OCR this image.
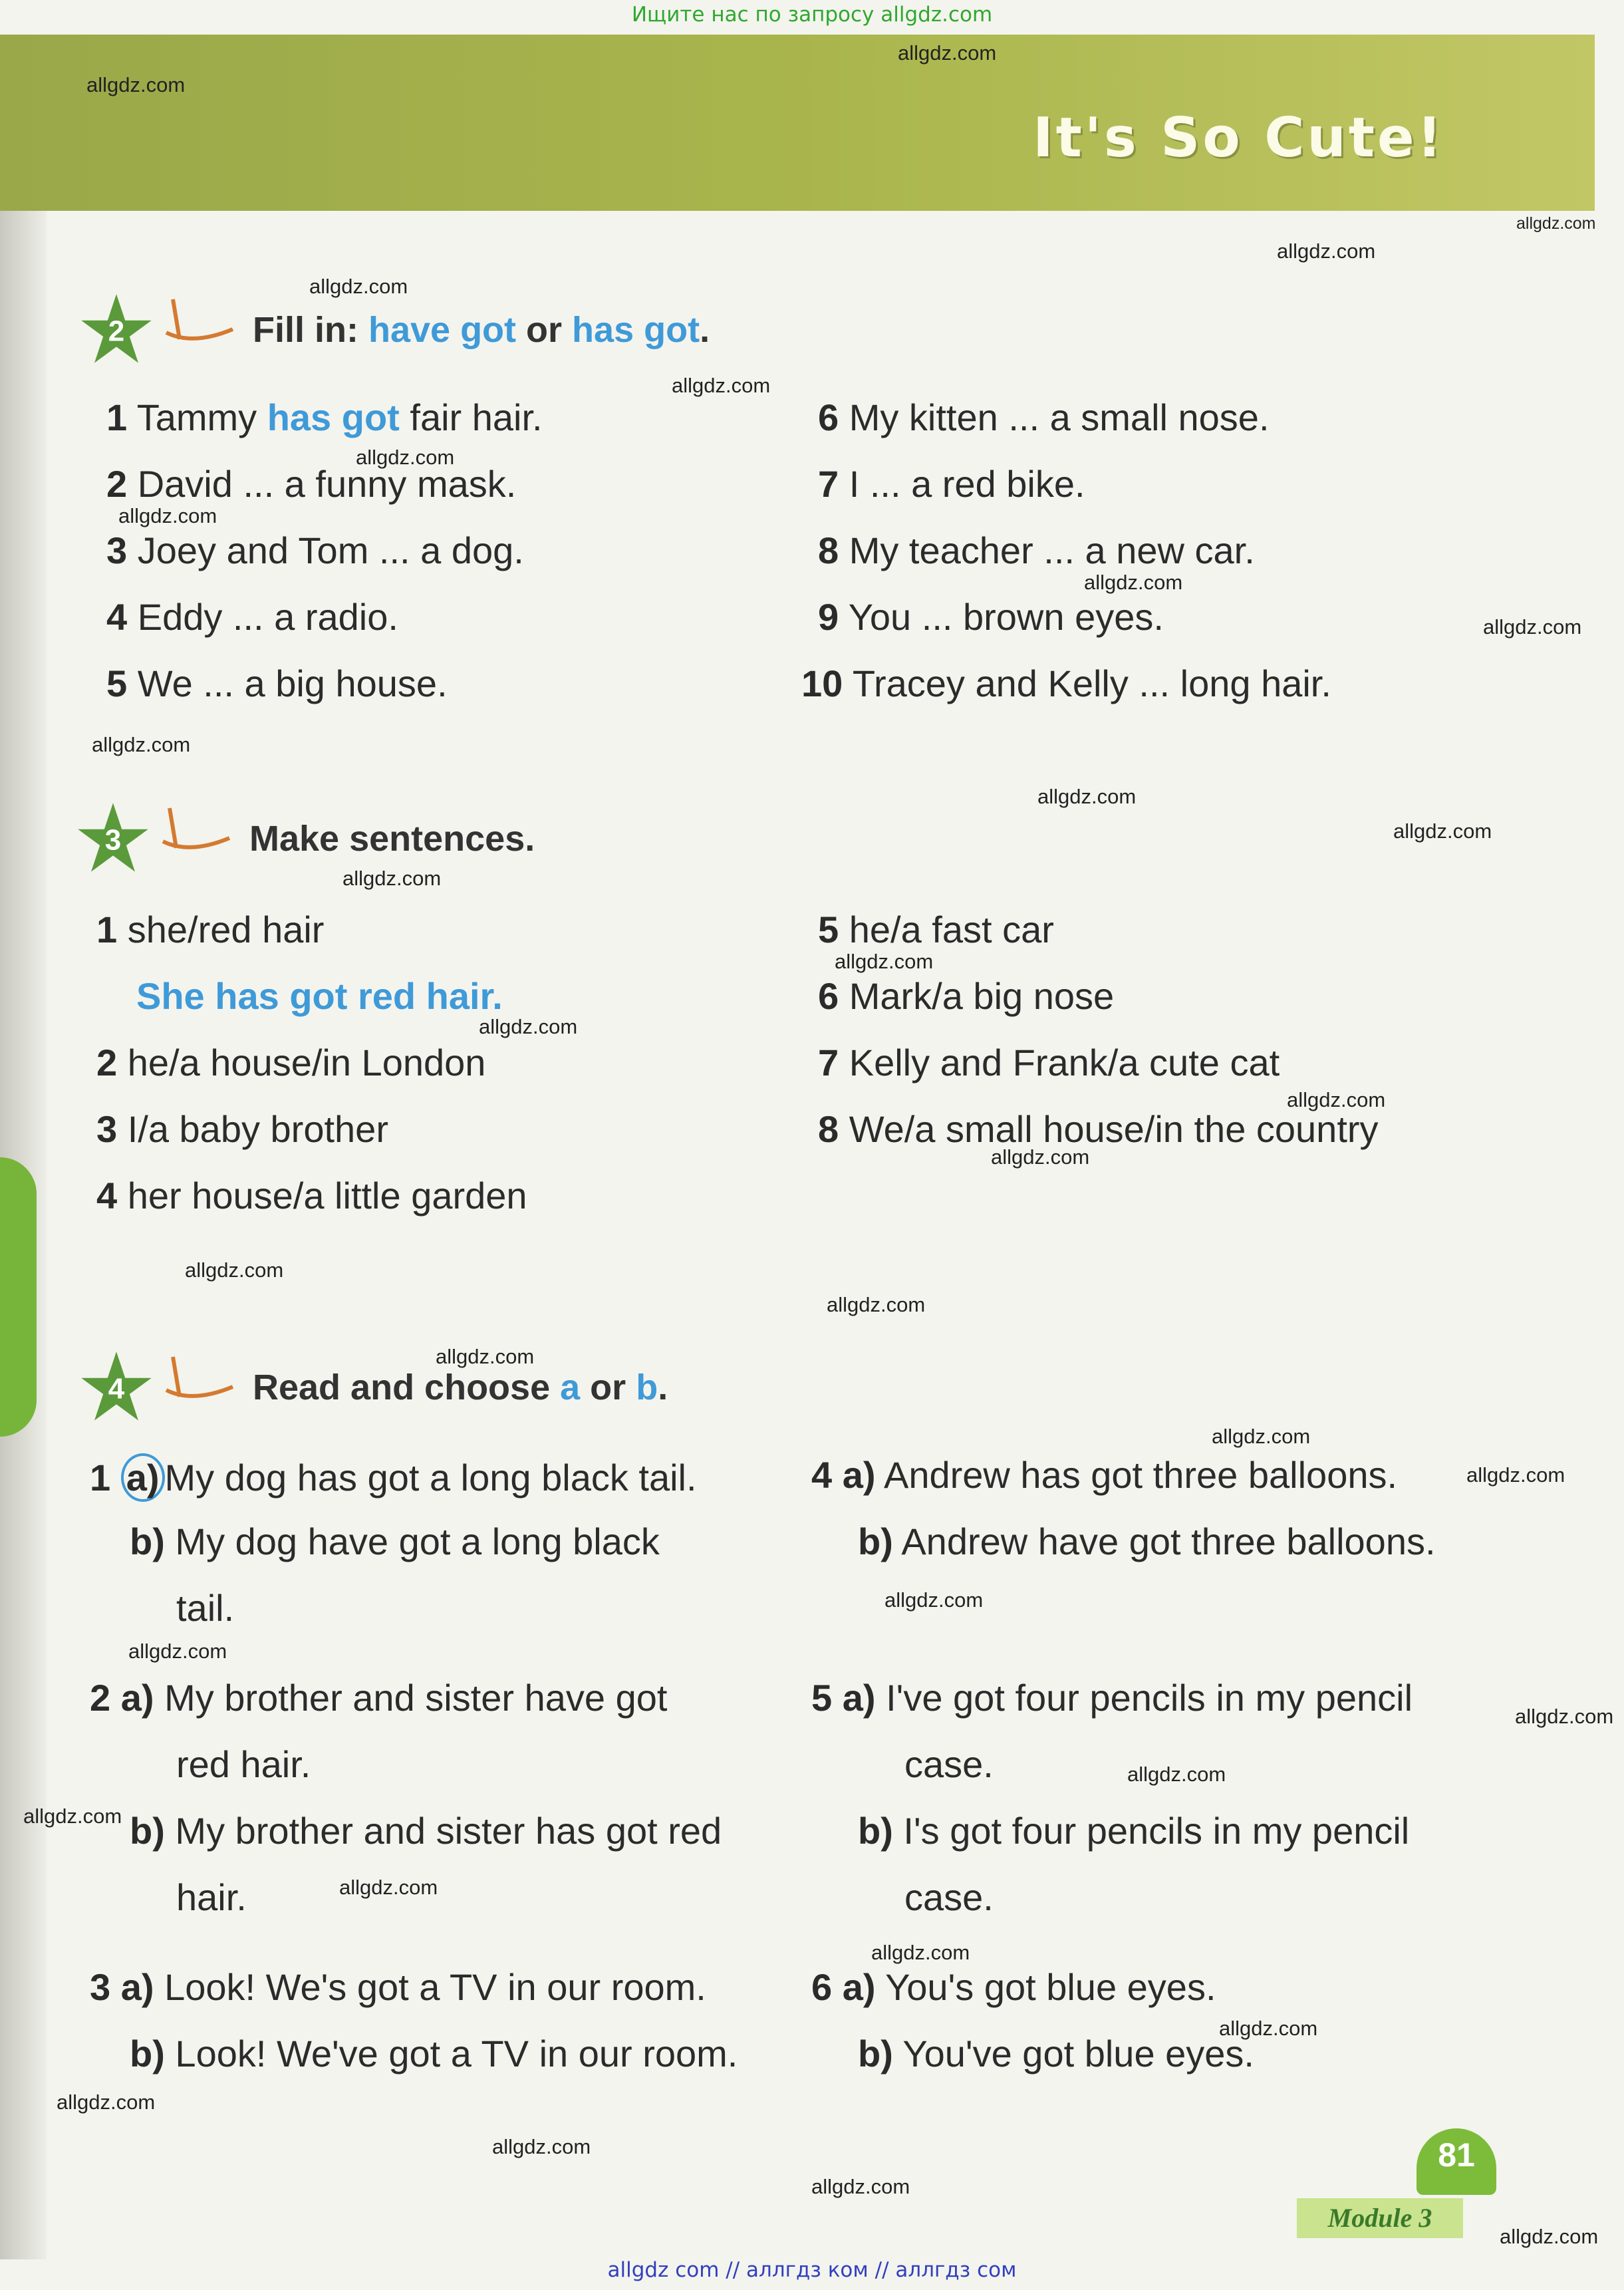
Ищите нас по запросу allgdz.com
It's So Cute!
2	Fill in: have got or has got.
1 Tammy has got fair hair.
2 David ... a funny mask.
3 Joey and Tom ... a dog.
4 Eddy ... a radio.
5 We ... a big house.
6 My kitten ... a small nose.
7 I ... a red bike.
8 My teacher ... a new car.
9 You ... brown eyes.
10 Tracey and Kelly ... long hair.
3	Make sentences.
1 she/red hair
She has got red hair.
2 he/a house/in London
3 I/a baby brother
4 her house/a little garden
5 he/a fast car
6 Mark/a big nose
7 Kelly and Frank/a cute cat
8 We/a small house/in the country
4	Read and choose a or b.
1 a) My dog has got a long black tail.
b) My dog have got a long black
tail.
2 a) My brother and sister have got
red hair.
b) My brother and sister has got red
hair.
3 a) Look! We's got a TV in our room.
b) Look! We've got a TV in our room.
4 a) Andrew has got three balloons.
b) Andrew have got three balloons.
5 a) I've got four pencils in my pencil
case.
b) I's got four pencils in my pencil
case.
6 a) You's got blue eyes.
b) You've got blue eyes.
81
Module 3
allgdz com // аллгдз ком // аллгдз сом
allgdz.com
allgdz.com
allgdz.com
allgdz.com
allgdz.com
allgdz.com
allgdz.com
allgdz.com
allgdz.com
allgdz.com
allgdz.com
allgdz.com
allgdz.com
allgdz.com
allgdz.com
allgdz.com
allgdz.com
allgdz.com
allgdz.com
allgdz.com
allgdz.com
allgdz.com
allgdz.com
allgdz.com
allgdz.com
allgdz.com
allgdz.com
allgdz.com
allgdz.com
allgdz.com
allgdz.com
allgdz.com
allgdz.com
allgdz.com
allgdz.com
